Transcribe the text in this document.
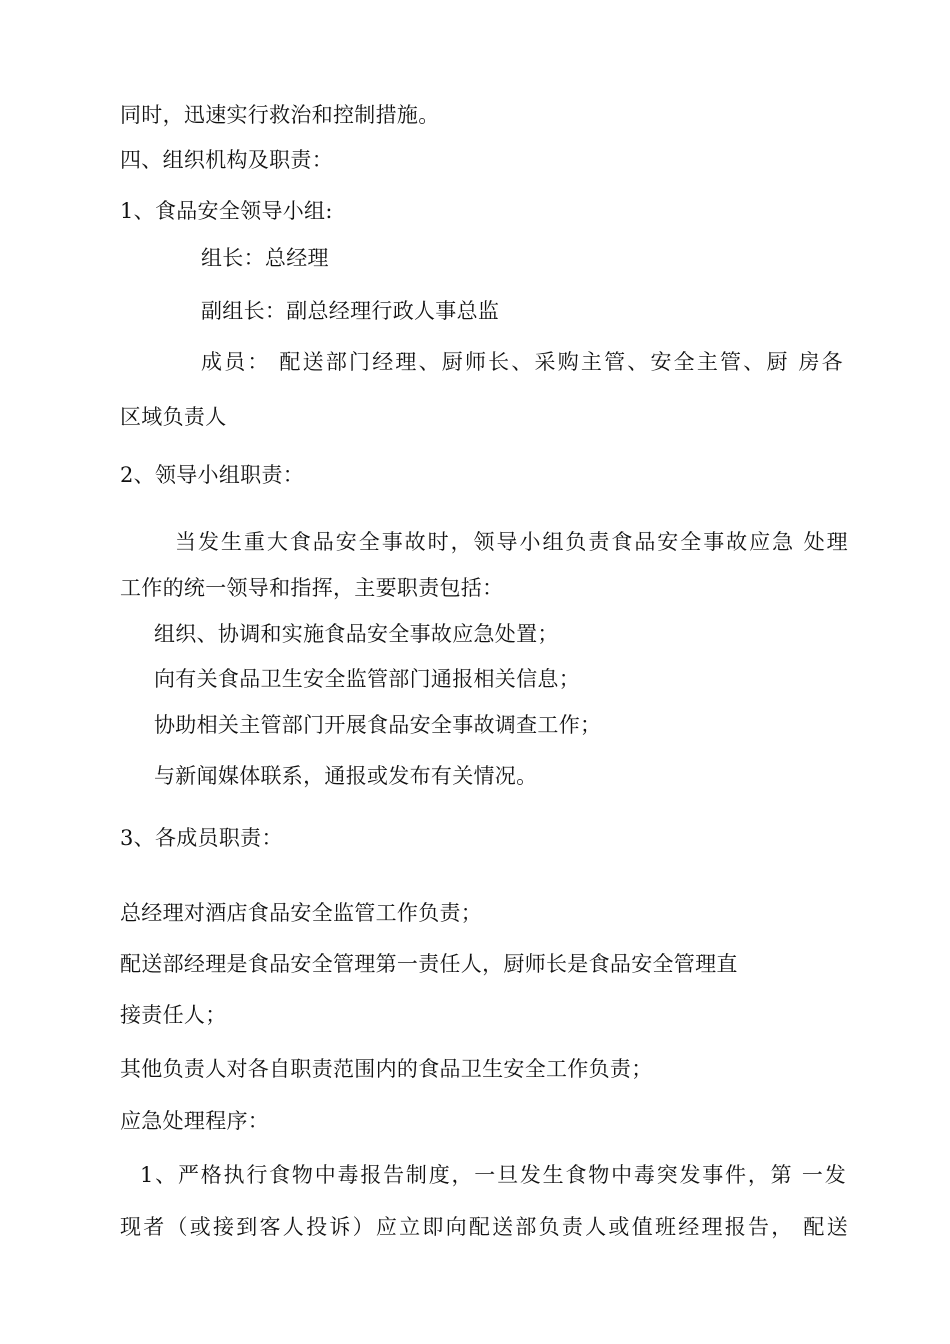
同时，迅速实行救治和控制措施。
四、组织机构及职责：
1、食品安全领导小组:
组长：总经理
副组长：副总经理行政人事总监
成员： 配送部门经理、厨师长、采购主管、安全主管、厨 房各
区域负责人
2、领导小组职责：
当发生重大食品安全事故时，领导小组负责食品安全事故应急 处理
工作的统一领导和指挥，主要职责包括：
组织、协调和实施食品安全事故应急处置；
向有关食品卫生安全监管部门通报相关信息；
协助相关主管部门开展食品安全事故调查工作；
与新闻媒体联系，通报或发布有关情况。
3、各成员职责：
总经理对酒店食品安全监管工作负责；
配送部经理是食品安全管理第一责任人，厨师长是食品安全管理直
接责任人；
其他负责人对各自职责范围内的食品卫生安全工作负责；
应急处理程序：
1、严格执行食物中毒报告制度，一旦发生食物中毒突发事件，第 一发
现者（或接到客人投诉）应立即向配送部负责人或值班经理报告， 配送
